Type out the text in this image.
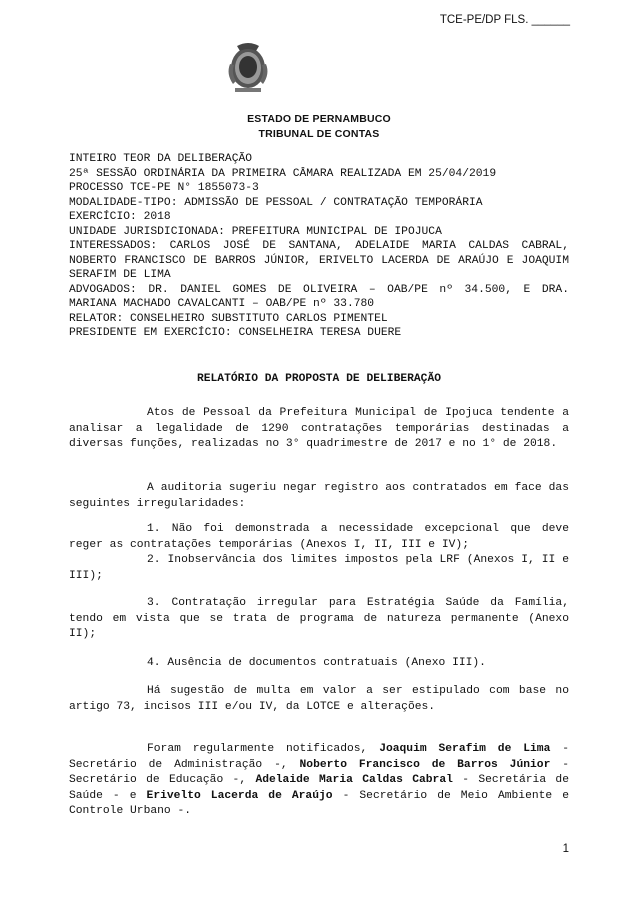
TCE-PE/DP FLS. ______
ESTADO DE PERNAMBUCO
TRIBUNAL DE CONTAS
INTEIRO TEOR DA DELIBERAÇÃO
25ª SESSÃO ORDINÁRIA DA PRIMEIRA CÂMARA REALIZADA EM 25/04/2019
PROCESSO TCE-PE N° 1855073-3
MODALIDADE-TIPO: ADMISSÃO DE PESSOAL / CONTRATAÇÃO TEMPORÁRIA
EXERCÍCIO: 2018
UNIDADE JURISDICIONADA: PREFEITURA MUNICIPAL DE IPOJUCA
INTERESSADOS: CARLOS JOSÉ DE SANTANA, ADELAIDE MARIA CALDAS CABRAL, NOBERTO FRANCISCO DE BARROS JÚNIOR, ERIVELTO LACERDA DE ARAÚJO E JOAQUIM SERAFIM DE LIMA
ADVOGADOS: DR. DANIEL GOMES DE OLIVEIRA – OAB/PE nº 34.500, E DRA. MARIANA MACHADO CAVALCANTI – OAB/PE nº 33.780
RELATOR: CONSELHEIRO SUBSTITUTO CARLOS PIMENTEL
PRESIDENTE EM EXERCÍCIO: CONSELHEIRA TERESA DUERE
RELATÓRIO DA PROPOSTA DE DELIBERAÇÃO
Atos de Pessoal da Prefeitura Municipal de Ipojuca tendente a analisar a legalidade de 1290 contratações temporárias destinadas a diversas funções, realizadas no 3° quadrimestre de 2017 e no 1° de 2018.
A auditoria sugeriu negar registro aos contratados em face das seguintes irregularidades:
1. Não foi demonstrada a necessidade excepcional que deve reger as contratações temporárias (Anexos I, II, III e IV);
2. Inobservância dos limites impostos pela LRF (Anexos I, II e III);
3. Contratação irregular para Estratégia Saúde da Família, tendo em vista que se trata de programa de natureza permanente (Anexo II);
4. Ausência de documentos contratuais (Anexo III).
Há sugestão de multa em valor a ser estipulado com base no artigo 73, incisos III e/ou IV, da LOTCE e alterações.
Foram regularmente notificados, Joaquim Serafim de Lima - Secretário de Administração -, Noberto Francisco de Barros Júnior - Secretário de Educação -, Adelaide Maria Caldas Cabral - Secretária de Saúde - e Erivelto Lacerda de Araújo - Secretário de Meio Ambiente e Controle Urbano -.
1
